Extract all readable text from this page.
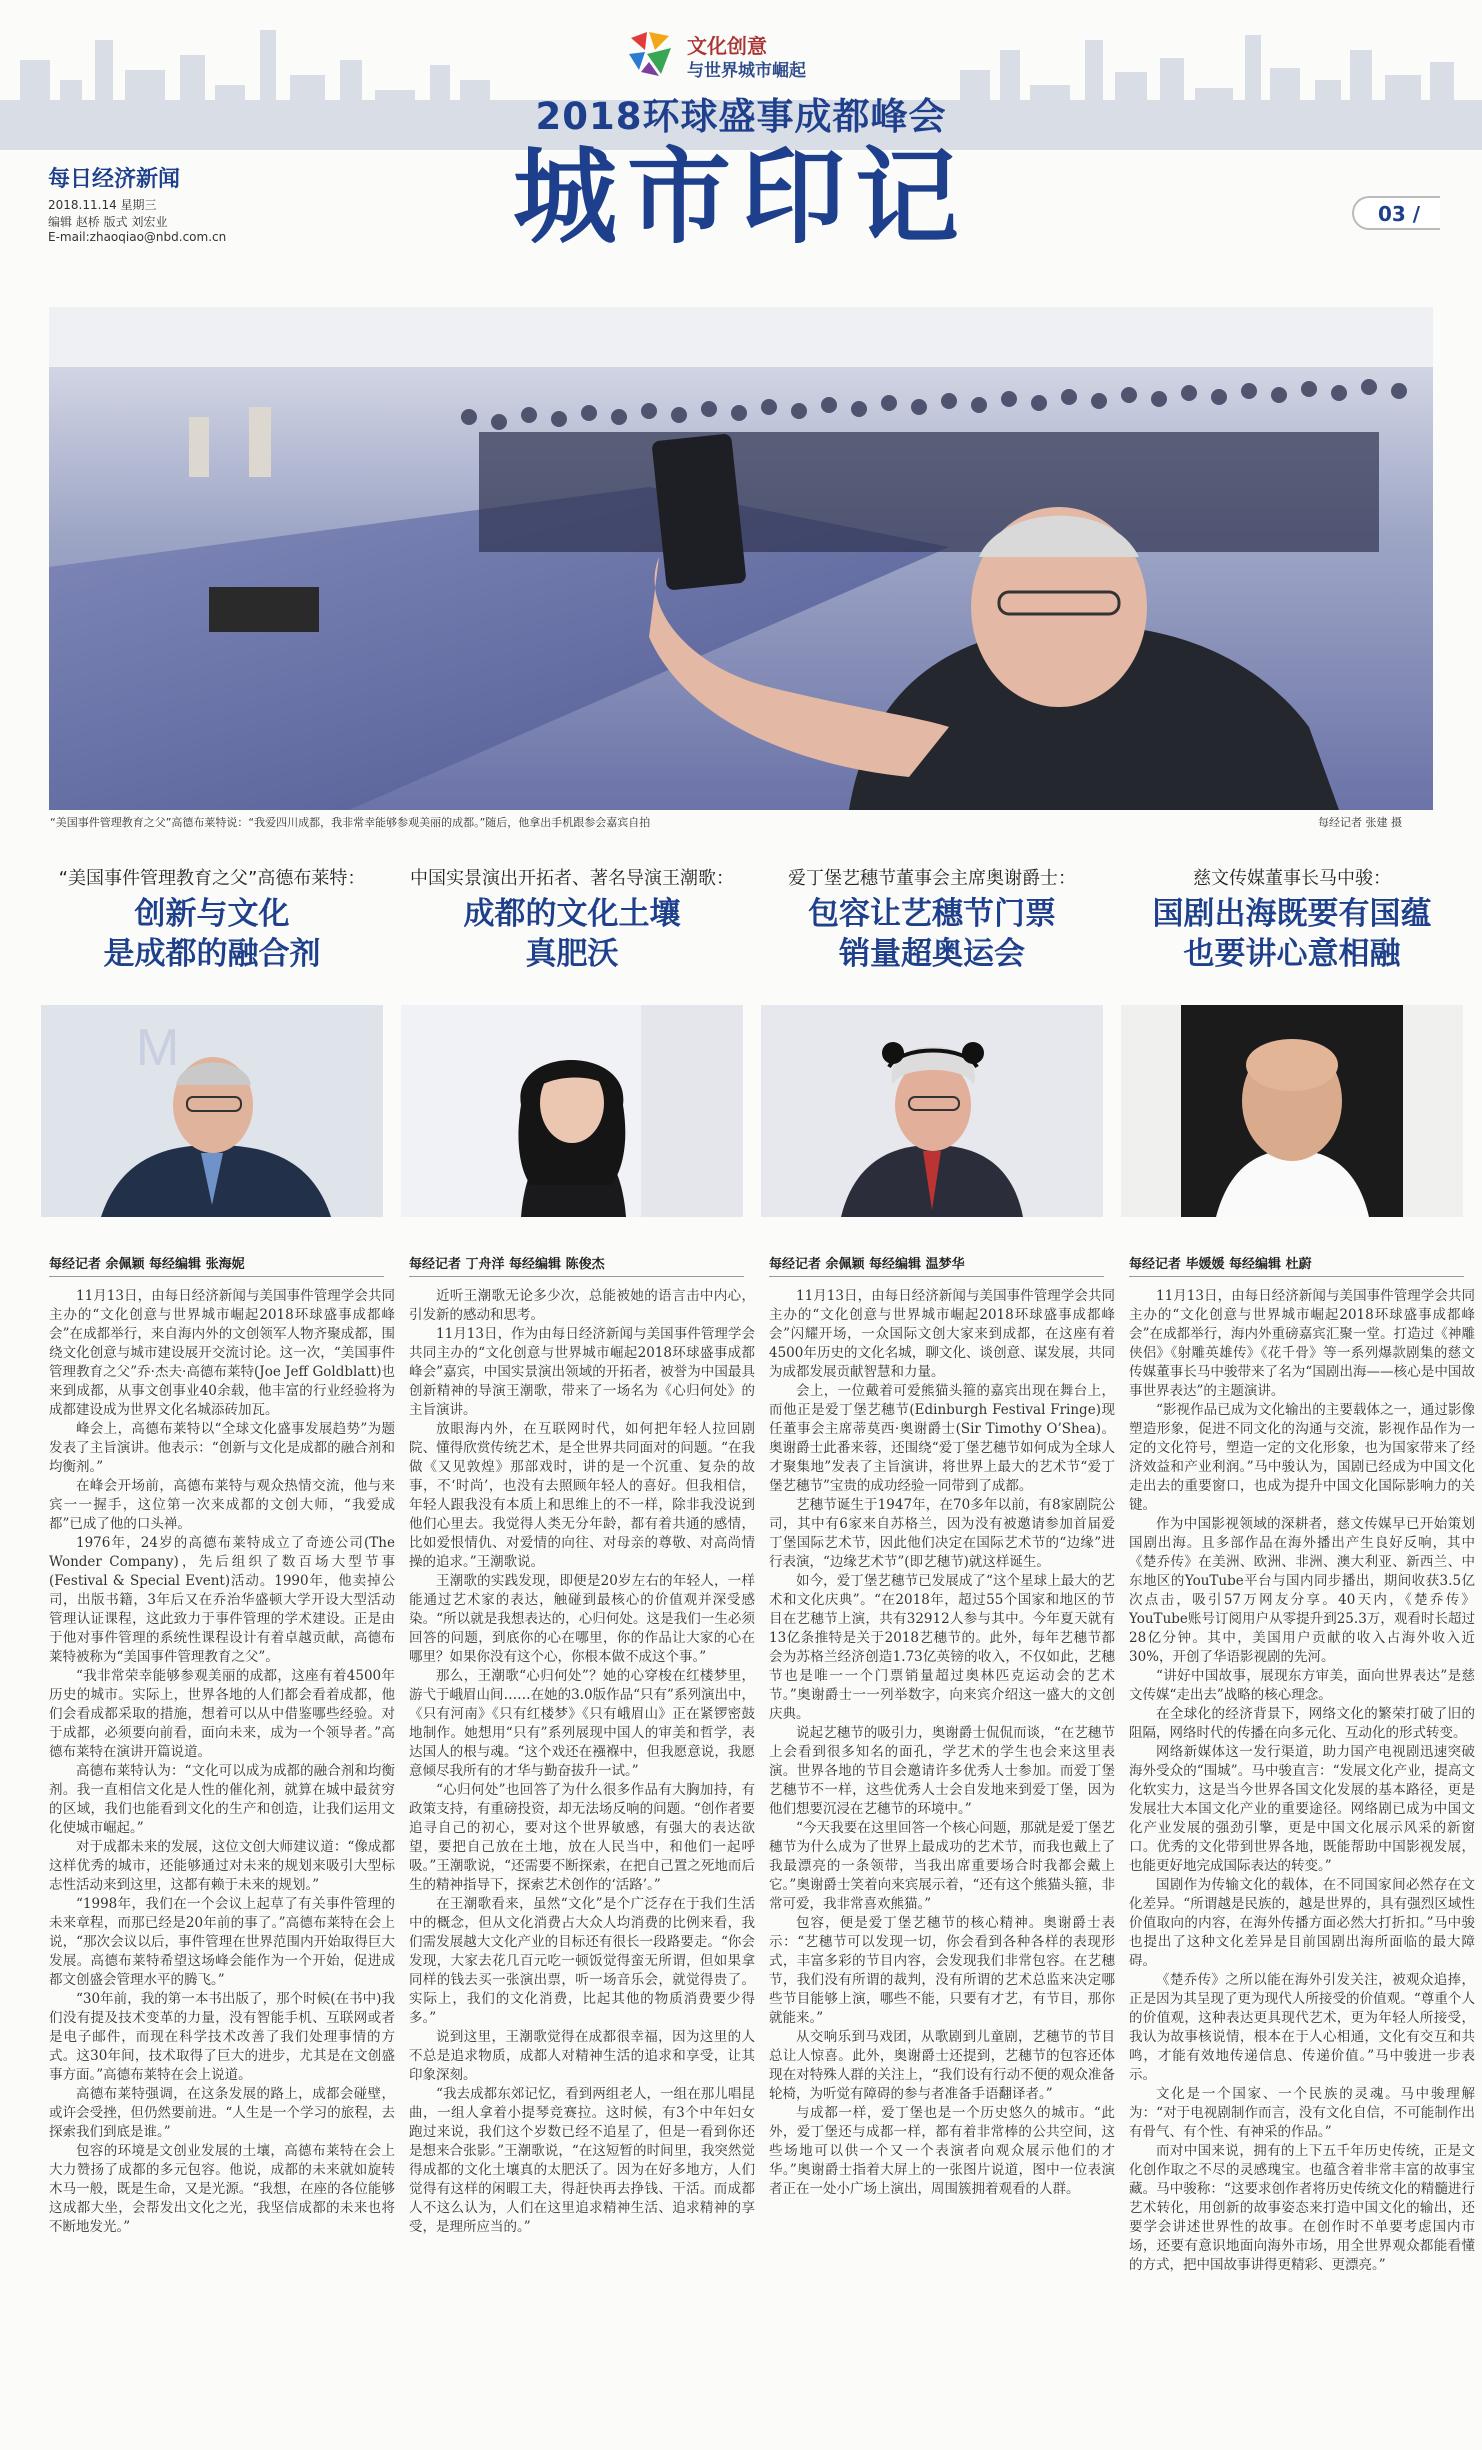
文化创意
与世界城市崛起
2018环球盛事成都峰会
城市印记
每日经济新闻
2018.11.14 星期三
编辑 赵桥 版式 刘宏业
E-mail:zhaoqiao@nbd.com.cn
03 /
“美国事件管理教育之父”高德布莱特说：“我爱四川成都，我非常幸能够参观美丽的成都。”随后，他拿出手机跟参会嘉宾自拍	每经记者 张建 摄
“美国事件管理教育之父”高德布莱特：
创新与文化
是成都的融合剂
M
每经记者 余佩颖 每经编辑 张海妮

11月13日，由每日经济新闻与美国事件管理学会共同主办的“文化创意与世界城市崛起2018环球盛事成都峰会”在成都举行，来自海内外的文创领军人物齐聚成都，围绕文化创意与城市建设展开交流讨论。这一次，“美国事件管理教育之父”乔·杰夫·高德布莱特(Joe Jeff Goldblatt)也来到成都，从事文创事业40余载，他丰富的行业经验将为成都建设成为世界文化名城添砖加瓦。

峰会上，高德布莱特以“全球文化盛事发展趋势”为题发表了主旨演讲。他表示：“创新与文化是成都的融合剂和均衡剂。”

在峰会开场前，高德布莱特与观众热情交流，他与来宾一一握手，这位第一次来成都的文创大师，“我爱成都”已成了他的口头禅。

1976年，24岁的高德布莱特成立了奇迹公司(The Wonder Company)，先后组织了数百场大型节事(Festival & Special Event)活动。1990年，他卖掉公司，出版书籍，3年后又在乔治华盛顿大学开设大型活动管理认证课程，这此致力于事件管理的学术建设。正是由于他对事件管理的系统性课程设计有着卓越贡献，高德布莱特被称为“美国事件管理教育之父”。

“我非常荣幸能够参观美丽的成都，这座有着4500年历史的城市。实际上，世界各地的人们都会看着成都，他们会看成都采取的措施，想着可以从中借鉴哪些经验。对于成都，必须要向前看，面向未来，成为一个领导者。”高德布莱特在演讲开篇说道。

高德布莱特认为：“文化可以成为成都的融合剂和均衡剂。我一直相信文化是人性的催化剂，就算在城中最贫穷的区域，我们也能看到文化的生产和创造，让我们运用文化使城市崛起。”

对于成都未来的发展，这位文创大师建议道：“像成都这样优秀的城市，还能够通过对未来的规划来吸引大型标志性活动来到这里，这都有赖于未来的规划。”

“1998年，我们在一个会议上起草了有关事件管理的未来章程，而那已经是20年前的事了。”高德布莱特在会上说，“那次会议以后，事件管理在世界范围内开始取得巨大发展。高德布莱特希望这场峰会能作为一个开始，促进成都文创盛会管理水平的腾飞。”

“30年前，我的第一本书出版了，那个时候(在书中)我们没有提及技术变革的力量，没有智能手机、互联网或者是电子邮件，而现在科学技术改善了我们处理事情的方式。这30年间，技术取得了巨大的进步，尤其是在文创盛事方面。”高德布莱特在会上说道。

高德布莱特强调，在这条发展的路上，成都会碰壁，或许会受挫，但仍然要前进。“人生是一个学习的旅程，去探索我们到底是谁。”

包容的环境是文创业发展的土壤，高德布莱特在会上大力赞扬了成都的多元包容。他说，成都的未来就如旋转木马一般，既是生命，又是光源。“我想，在座的各位能够这成都大坐，会帮发出文化之光，我坚信成都的未来也将不断地发光。”

中国实景演出开拓者、著名导演王潮歌：
成都的文化土壤
真肥沃
每经记者 丁舟洋 每经编辑 陈俊杰

近听王潮歌无论多少次，总能被她的语言击中内心，引发新的感动和思考。

11月13日，作为由每日经济新闻与美国事件管理学会共同主办的“文化创意与世界城市崛起2018环球盛事成都峰会”嘉宾，中国实景演出领域的开拓者，被誉为中国最具创新精神的导演王潮歌，带来了一场名为《心归何处》的主旨演讲。

放眼海内外，在互联网时代，如何把年轻人拉回剧院、懂得欣赏传统艺术，是全世界共同面对的问题。“在我做《又见敦煌》那部戏时，讲的是一个沉重、复杂的故事，不‘时尚’，也没有去照顾年轻人的喜好。但我相信，年轻人跟我没有本质上和思维上的不一样，除非我没说到他们心里去。我觉得人类无分年龄，都有着共通的感情，比如爱恨情仇、对爱情的向往、对母亲的尊敬、对高尚情操的追求。”王潮歌说。

王潮歌的实践发现，即便是20岁左右的年轻人，一样能通过艺术家的表达，触碰到最核心的价值观并深受感染。“所以就是我想表达的，心归何处。这是我们一生必须回答的问题，到底你的心在哪里，你的作品让大家的心在哪里？如果你没有这个心，你根本做不成这个事。”

那么，王潮歌“心归何处”？她的心穿梭在红楼梦里，游弋于峨眉山间……在她的3.0版作品“只有”系列演出中，《只有河南》《只有红楼梦》《只有峨眉山》正在紧锣密鼓地制作。她想用“只有”系列展现中国人的审美和哲学，表达国人的根与魂。“这个戏还在襁褓中，但我愿意说，我愿意倾尽我所有的才华与勤奋拔升一试。”

“心归何处”也回答了为什么很多作品有大胸加持，有政策支持，有重磅投资，却无法场反响的问题。“创作者要追寻自己的初心，要对这个世界敏感，有强大的表达欲望，要把自己放在土地，放在人民当中，和他们一起呼吸。”王潮歌说，“还需要不断探索，在把自己置之死地而后生的精神指导下，探索艺术创作的‘活路’。”

在王潮歌看来，虽然“文化”是个广泛存在于我们生活中的概念，但从文化消费占大众人均消费的比例来看，我们需发展越大文化产业的目标还有很长一段路要走。“你会发现，大家去花几百元吃一顿饭觉得蛮无所谓，但如果拿同样的钱去买一张演出票，听一场音乐会，就觉得贵了。实际上，我们的文化消费，比起其他的物质消费要少得多。”

说到这里，王潮歌觉得在成都很幸福，因为这里的人不总是追求物质，成都人对精神生活的追求和享受，让其印象深刻。

“我去成都东郊记忆，看到两组老人，一组在那儿唱昆曲，一组人拿着小提琴竞赛拉。这时候，有3个中年妇女跑过来说，我们这个岁数已经不追星了，但是一看到你还是想来合张影。”王潮歌说，“在这短暂的时间里，我突然觉得成都的文化土壤真的太肥沃了。因为在好多地方，人们觉得有这样的闲暇工夫，得赶快再去挣钱、干活。而成都人不这么认为，人们在这里追求精神生活、追求精神的享受，是理所应当的。”

爱丁堡艺穗节董事会主席奥谢爵士：
包容让艺穗节门票
销量超奥运会
每经记者 余佩颖 每经编辑 温梦华

11月13日，由每日经济新闻与美国事件管理学会共同主办的“文化创意与世界城市崛起2018环球盛事成都峰会”闪耀开场，一众国际文创大家来到成都，在这座有着4500年历史的文化名城，聊文化、谈创意、谋发展，共同为成都发展贡献智慧和力量。

会上，一位戴着可爱熊猫头箍的嘉宾出现在舞台上，而他正是爱丁堡艺穗节(Edinburgh Festival Fringe)现任董事会主席蒂莫西·奥谢爵士(Sir Timothy O’Shea)。奥谢爵士此番来蓉，还围绕“爱丁堡艺穗节如何成为全球人才聚集地”发表了主旨演讲，将世界上最大的艺术节“爱丁堡艺穗节”宝贵的成功经验一同带到了成都。

艺穗节诞生于1947年，在70多年以前，有8家剧院公司，其中有6家来自苏格兰，因为没有被邀请参加首届爱丁堡国际艺术节，因此他们决定在国际艺术节的“边缘”进行表演，“边缘艺术节”(即艺穗节)就这样诞生。

如今，爱丁堡艺穗节已发展成了“这个星球上最大的艺术和文化庆典”。“在2018年，超过55个国家和地区的节目在艺穗节上演，共有32912人参与其中。今年夏天就有13亿条推特是关于2018艺穗节的。此外，每年艺穗节都会为苏格兰经济创造1.73亿英镑的收入，不仅如此，艺穗节也是唯一一个门票销量超过奥林匹克运动会的艺术节。”奥谢爵士一一列举数字，向来宾介绍这一盛大的文创庆典。

说起艺穗节的吸引力，奥谢爵士侃侃而谈，“在艺穗节上会看到很多知名的面孔，学艺术的学生也会来这里表演。世界各地的节目会邀请许多优秀人士参加。而爱丁堡艺穗节不一样，这些优秀人士会自发地来到爱丁堡，因为他们想要沉浸在艺穗节的环境中。”

“今天我要在这里回答一个核心问题，那就是爱丁堡艺穗节为什么成为了世界上最成功的艺术节，而我也戴上了我最漂亮的一条领带，当我出席重要场合时我都会戴上它。”奥谢爵士笑着向来宾展示着，“还有这个熊猫头箍，非常可爱，我非常喜欢熊猫。”

包容，便是爱丁堡艺穗节的核心精神。奥谢爵士表示：“艺穗节可以发现一切，你会看到各种各样的表现形式，丰富多彩的节目内容，会发现我们非常包容。在艺穗节，我们没有所谓的裁判，没有所谓的艺术总监来决定哪些节目能够上演，哪些不能，只要有才艺，有节目，那你就能来。”

从交响乐到马戏团，从歌剧到儿童剧，艺穗节的节目总让人惊喜。此外，奥谢爵士还提到，艺穗节的包容还体现在对特殊人群的关注上，“我们设有行动不便的观众准备轮椅，为听觉有障碍的参与者准备手语翻译者。”

与成都一样，爱丁堡也是一个历史悠久的城市。“此外，爱丁堡还与成都一样，都有着非常棒的公共空间，这些场地可以供一个又一个表演者向观众展示他们的才华。”奥谢爵士指着大屏上的一张图片说道，图中一位表演者正在一处小广场上演出，周围簇拥着观看的人群。

慈文传媒董事长马中骏：
国剧出海既要有国蕴
也要讲心意相融
每经记者 毕媛媛 每经编辑 杜蔚

11月13日，由每日经济新闻与美国事件管理学会共同主办的“文化创意与世界城市崛起2018环球盛事成都峰会”在成都举行，海内外重磅嘉宾汇聚一堂。打造过《神雕侠侣》《射雕英雄传》《花千骨》等一系列爆款剧集的慈文传媒董事长马中骏带来了名为“国剧出海——核心是中国故事世界表达”的主题演讲。

“影视作品已成为文化输出的主要载体之一，通过影像塑造形象，促进不同文化的沟通与交流，影视作品作为一定的文化符号，塑造一定的文化形象，也为国家带来了经济效益和产业利润。”马中骏认为，国剧已经成为中国文化走出去的重要窗口，也成为提升中国文化国际影响力的关键。

作为中国影视领域的深耕者，慈文传媒早已开始策划国剧出海。且多部作品在海外播出产生良好反响，其中《楚乔传》在美洲、欧洲、非洲、澳大利亚、新西兰、中东地区的YouTube平台与国内同步播出，期间收获3.5亿次点击，吸引57万网友分享。40天内，《楚乔传》YouTube账号订阅用户从零提升到25.3万，观看时长超过28亿分钟。其中，美国用户贡献的收入占海外收入近30%，开创了华语影视剧的先河。

“讲好中国故事，展现东方审美，面向世界表达”是慈文传媒“走出去”战略的核心理念。

在全球化的经济背景下，网络文化的繁荣打破了旧的阻隔，网络时代的传播在向多元化、互动化的形式转变。

网络新媒体这一发行渠道，助力国产电视剧迅速突破海外受众的“围城”。马中骏直言：“发展文化产业，提高文化软实力，这是当今世界各国文化发展的基本路径，更是发展壮大本国文化产业的重要途径。网络剧已成为中国文化产业发展的强劲引擎，更是中国文化展示风采的新窗口。优秀的文化带到世界各地，既能帮助中国影视发展，也能更好地完成国际表达的转变。”

国剧作为传输文化的载体，在不同国家间必然存在文化差异。“所谓越是民族的，越是世界的，具有强烈区域性价值取向的内容，在海外传播方面必然大打折扣。”马中骏也提出了这种文化差异是目前国剧出海所面临的最大障碍。

《楚乔传》之所以能在海外引发关注，被观众追捧，正是因为其呈现了更为现代人所接受的价值观。“尊重个人的价值观，这种表达更具现代艺术，更为年轻人所接受，我认为故事核说情，根本在于人心相通，文化有交互和共鸣，才能有效地传递信息、传递价值。”马中骏进一步表示。

文化是一个国家、一个民族的灵魂。马中骏理解为：“对于电视剧制作而言，没有文化自信，不可能制作出有骨气、有个性、有神采的作品。”

而对中国来说，拥有的上下五千年历史传统，正是文化创作取之不尽的灵感瑰宝。也蕴含着非常丰富的故事宝藏。马中骏称：“这要求创作者将历史传统文化的精髓进行艺术转化，用创新的故事姿态来打造中国文化的输出，还要学会讲述世界性的故事。在创作时不单要考虑国内市场，还要有意识地面向海外市场，用全世界观众都能看懂的方式，把中国故事讲得更精彩、更漂亮。”
